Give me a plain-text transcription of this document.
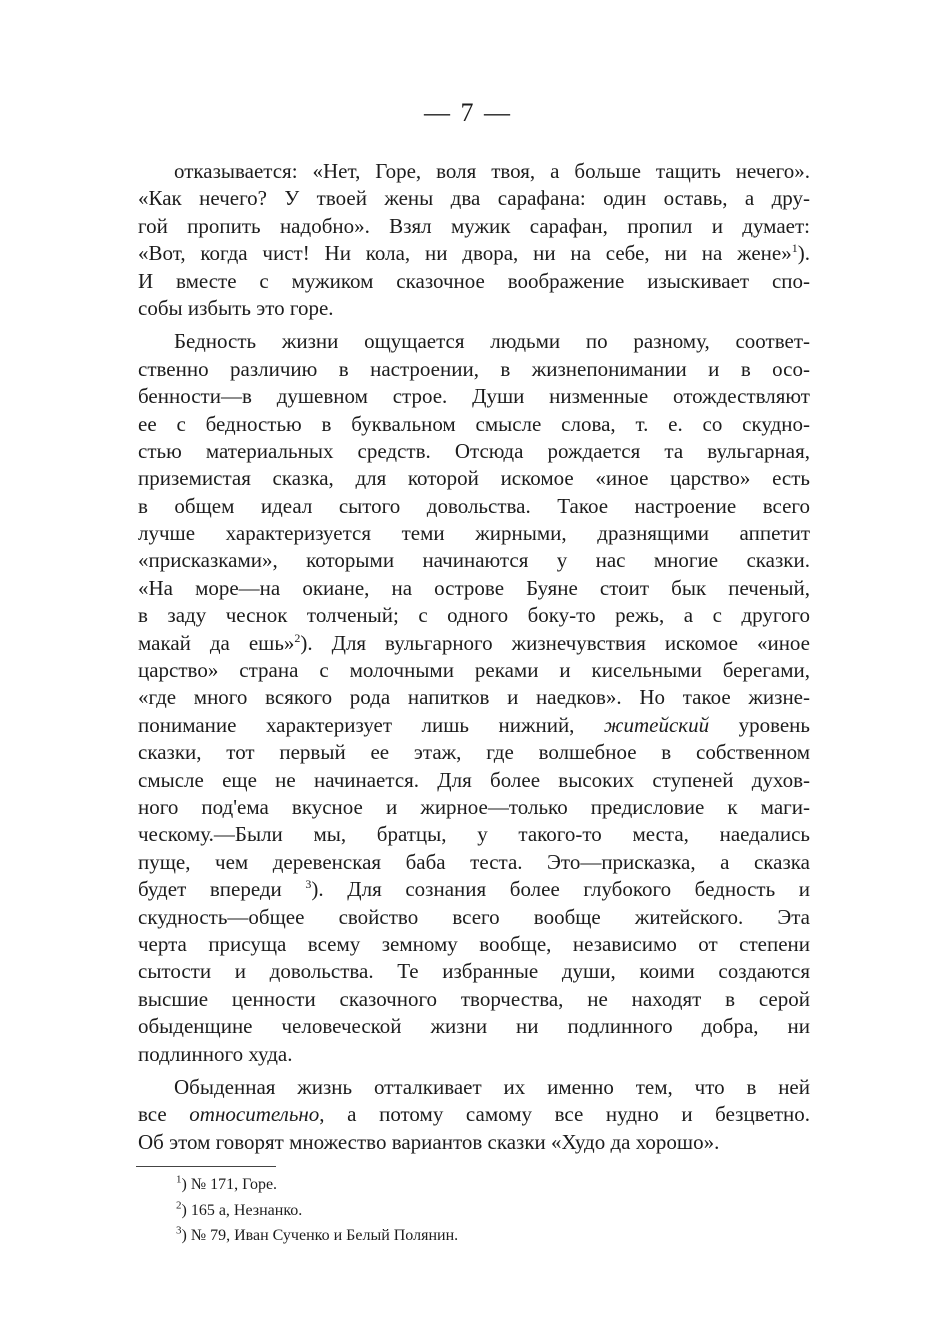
— 7 —
отказывается: «Нет, Горе, воля твоя, а больше тащить нечего».
«Как нечего? У твоей жены два сарафана: один оставь, а дру-
гой пропить надобно». Взял мужик сарафан, пропил и думает:
«Вот, когда чист! Ни кола, ни двора, ни на себе, ни на жене»$^1$).
И вместе с мужиком сказочное воображение изыскивает спо-
собы избыть это горе.
Бедность жизни ощущается людьми по разному, соответ-
ственно различию в настроении, в жизнепонимании и в осо-
бенности—в душевном строе. Души низменные отождествляют
ее с бедностью в буквальном смысле слова, т. е. со скудно-
стью материальных средств. Отсюда рождается та вульгарная,
приземистая сказка, для которой искомое «иное царство» есть
в общем идеал сытого довольства. Такое настроение всего
лучше характеризуется теми жирными, дразнящими аппетит
«присказками», которыми начинаются у нас многие сказки.
«На море—на окиане, на острове Буяне стоит бык печеный,
в заду чеснок толченый; с одного боку-то режь, а с другого
макай да ешь»$^2$). Для вульгарного жизнечувствия искомое «иное
царство» страна с молочными реками и кисельными берегами,
«где много всякого рода напитков и наедков». Но такое жизне-
понимание характеризует лишь нижний, житейский уровень
сказки, тот первый ее этаж, где волшебное в собственном
смысле еще не начинается. Для более высоких ступеней духов-
ного под'ема вкусное и жирное—только предисловие к маги-
ческому.—Были мы, братцы, у такого-то места, наедались
пуще, чем деревенская баба теста. Это—присказка, а сказка
будет впереди $^3$). Для сознания более глубокого бедность и
скудность—общее свойство всего вообще житейского. Эта
черта присуща всему земному вообще, независимо от степени
сытости и довольства. Те избранные души, коими создаются
высшие ценности сказочного творчества, не находят в серой
обыденщине человеческой жизни ни подлинного добра, ни
подлинного худа.
Обыденная жизнь отталкивает их именно тем, что в ней
все относительно, а потому самому все нудно и безцветно.
Об этом говорят множество вариантов сказки «Худо да хорошо».
$^1$) № 171, Горе.
$^2$) 165 а, Незнанко.
$^3$) № 79, Иван Сученко и Белый Полянин.
